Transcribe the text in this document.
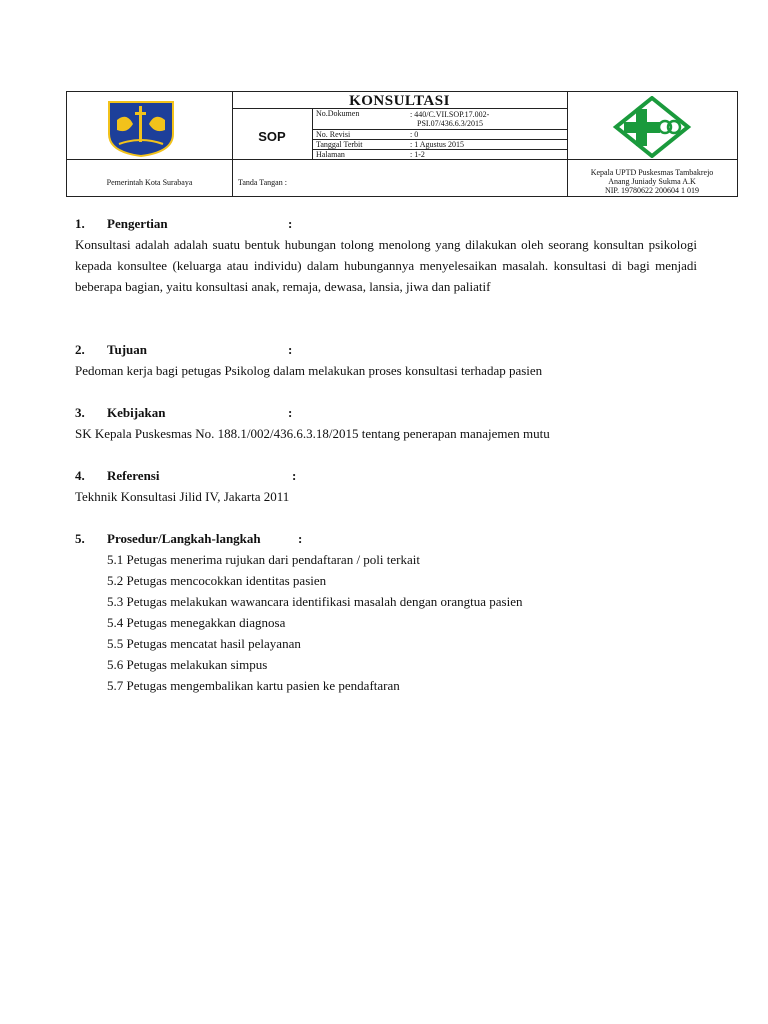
KONSULTASI
SOP
No.Dokumen	: 440/C.VII.SOP.17.002-
PSI.07/436.6.3/2015
No. Revisi	: 0
Tanggal Terbit	: 1 Agustus 2015
Halaman	: 1-2
Pemerintah Kota Surabaya	Tanda Tangan :
Kepala UPTD Puskesmas Tambakrejo
Anang Juniady Sukma A.K
NIP. 19780622 200604 1 019
1. Pengertian	:
Konsultasi adalah adalah suatu bentuk hubungan tolong menolong yang dilakukan oleh seorang konsultan psikologi kepada konsultee (keluarga atau individu) dalam hubungannya menyelesaikan masalah. konsultasi di bagi menjadi beberapa bagian, yaitu konsultasi anak, remaja, dewasa, lansia, jiwa dan paliatif
2. Tujuan	:
Pedoman kerja bagi petugas Psikolog dalam melakukan proses konsultasi terhadap pasien
3. Kebijakan	:
SK Kepala Puskesmas No. 188.1/002/436.6.3.18/2015 tentang penerapan manajemen mutu
4. Referensi	:
Tekhnik Konsultasi Jilid IV, Jakarta 2011
5. Prosedur/Langkah-langkah	:
5.1 Petugas menerima rujukan dari pendaftaran / poli terkait
5.2 Petugas mencocokkan identitas pasien
5.3 Petugas melakukan wawancara identifikasi masalah dengan orangtua pasien
5.4 Petugas menegakkan diagnosa
5.5 Petugas mencatat hasil pelayanan
5.6 Petugas melakukan simpus
5.7 Petugas mengembalikan kartu pasien ke pendaftaran
